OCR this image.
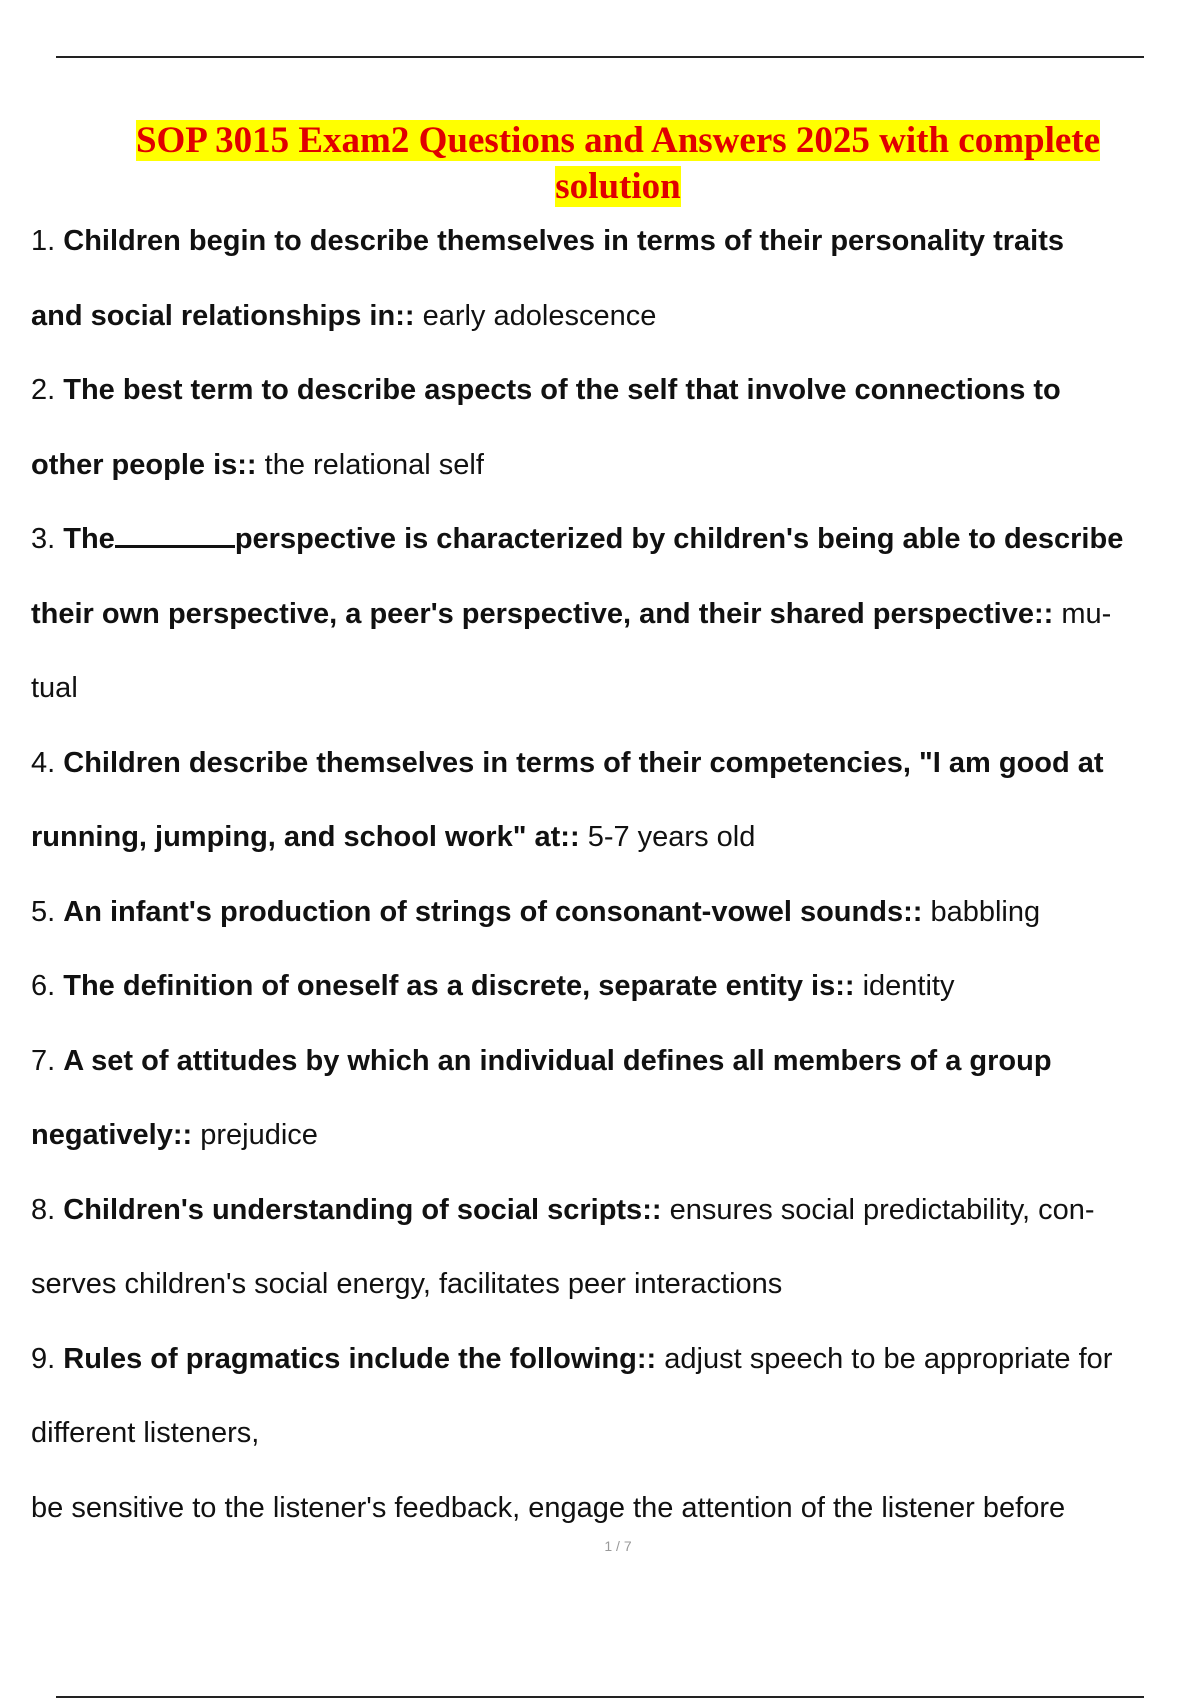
SOP 3015 Exam2 Questions and Answers 2025 with complete
solution
1. Children begin to describe themselves in terms of their personality traits
and social relationships in:: early adolescence
2. The best term to describe aspects of the self that involve connections to
other people is:: the relational self
3. The	perspective is characterized by children's being able to describe
their own perspective, a peer's perspective, and their shared perspective:: mu-
tual
4. Children describe themselves in terms of their competencies, "I am good at
running, jumping, and school work" at:: 5-7 years old
5. An infant's production of strings of consonant-vowel sounds:: babbling
6. The definition of oneself as a discrete, separate entity is:: identity
7. A set of attitudes by which an individual defines all members of a group
negatively:: prejudice
8. Children's understanding of social scripts:: ensures social predictability, con-
serves children's social energy, facilitates peer interactions
9. Rules of pragmatics include the following:: adjust speech to be appropriate for
different listeners,
be sensitive to the listener's feedback, engage the attention of the listener before
1 / 7
